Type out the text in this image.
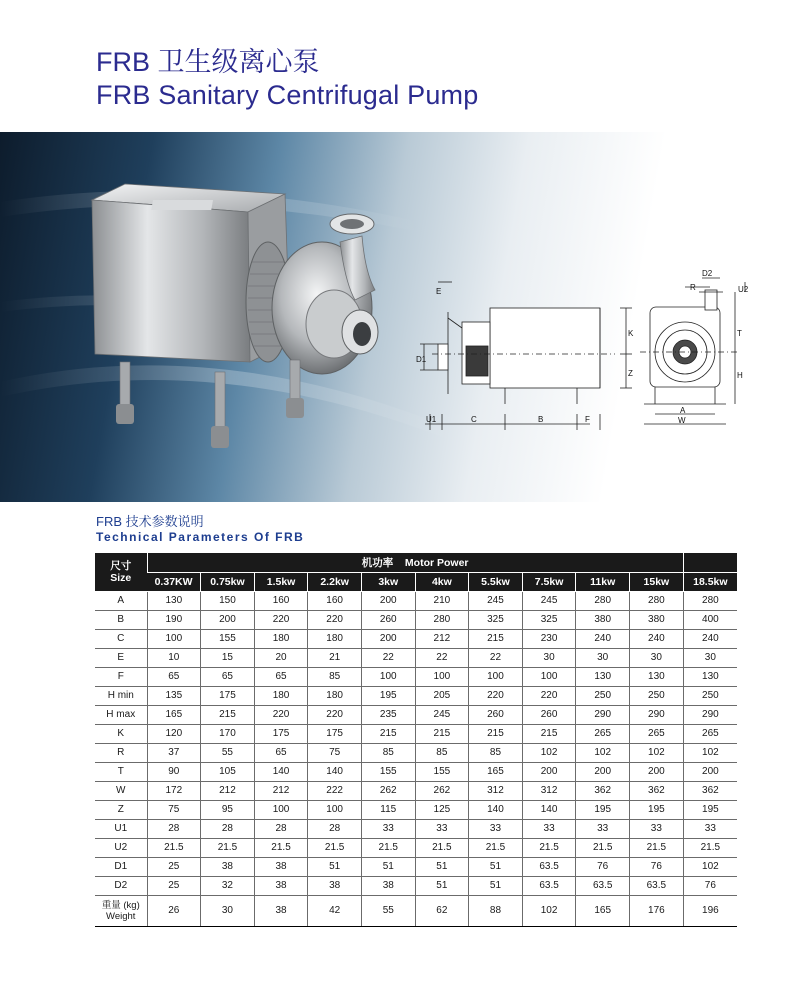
FRB 卫生级离心泵
FRB Sanitary Centrifugal Pump
E
D1
U1	C	B	F
K
Z
D2
R	U2
T
H
A
W
FRB 技术参数说明
Technical Parameters Of FRB
尺寸
Size	机功率 Motor Power										
	0.37KW	0.75kw	1.5kw	2.2kw	3kw	4kw	5.5kw	7.5kw	11kw	15kw	18.5kw
A	130	150	160	160	200	210	245	245	280	280	280
B	190	200	220	220	260	280	325	325	380	380	400
C	100	155	180	180	200	212	215	230	240	240	240
E	10	15	20	21	22	22	22	30	30	30	30
F	65	65	65	85	100	100	100	100	130	130	130
H min	135	175	180	180	195	205	220	220	250	250	250
H max	165	215	220	220	235	245	260	260	290	290	290
K	120	170	175	175	215	215	215	215	265	265	265
R	37	55	65	75	85	85	85	102	102	102	102
T	90	105	140	140	155	155	165	200	200	200	200
W	172	212	212	222	262	262	312	312	362	362	362
Z	75	95	100	100	115	125	140	140	195	195	195
U1	28	28	28	28	33	33	33	33	33	33	33
U2	21.5	21.5	21.5	21.5	21.5	21.5	21.5	21.5	21.5	21.5	21.5
D1	25	38	38	51	51	51	51	63.5	76	76	102
D2	25	32	38	38	38	51	51	63.5	63.5	63.5	76
重量 (kg)
Weight	26	30	38	42	55	62	88	102	165	176	196
